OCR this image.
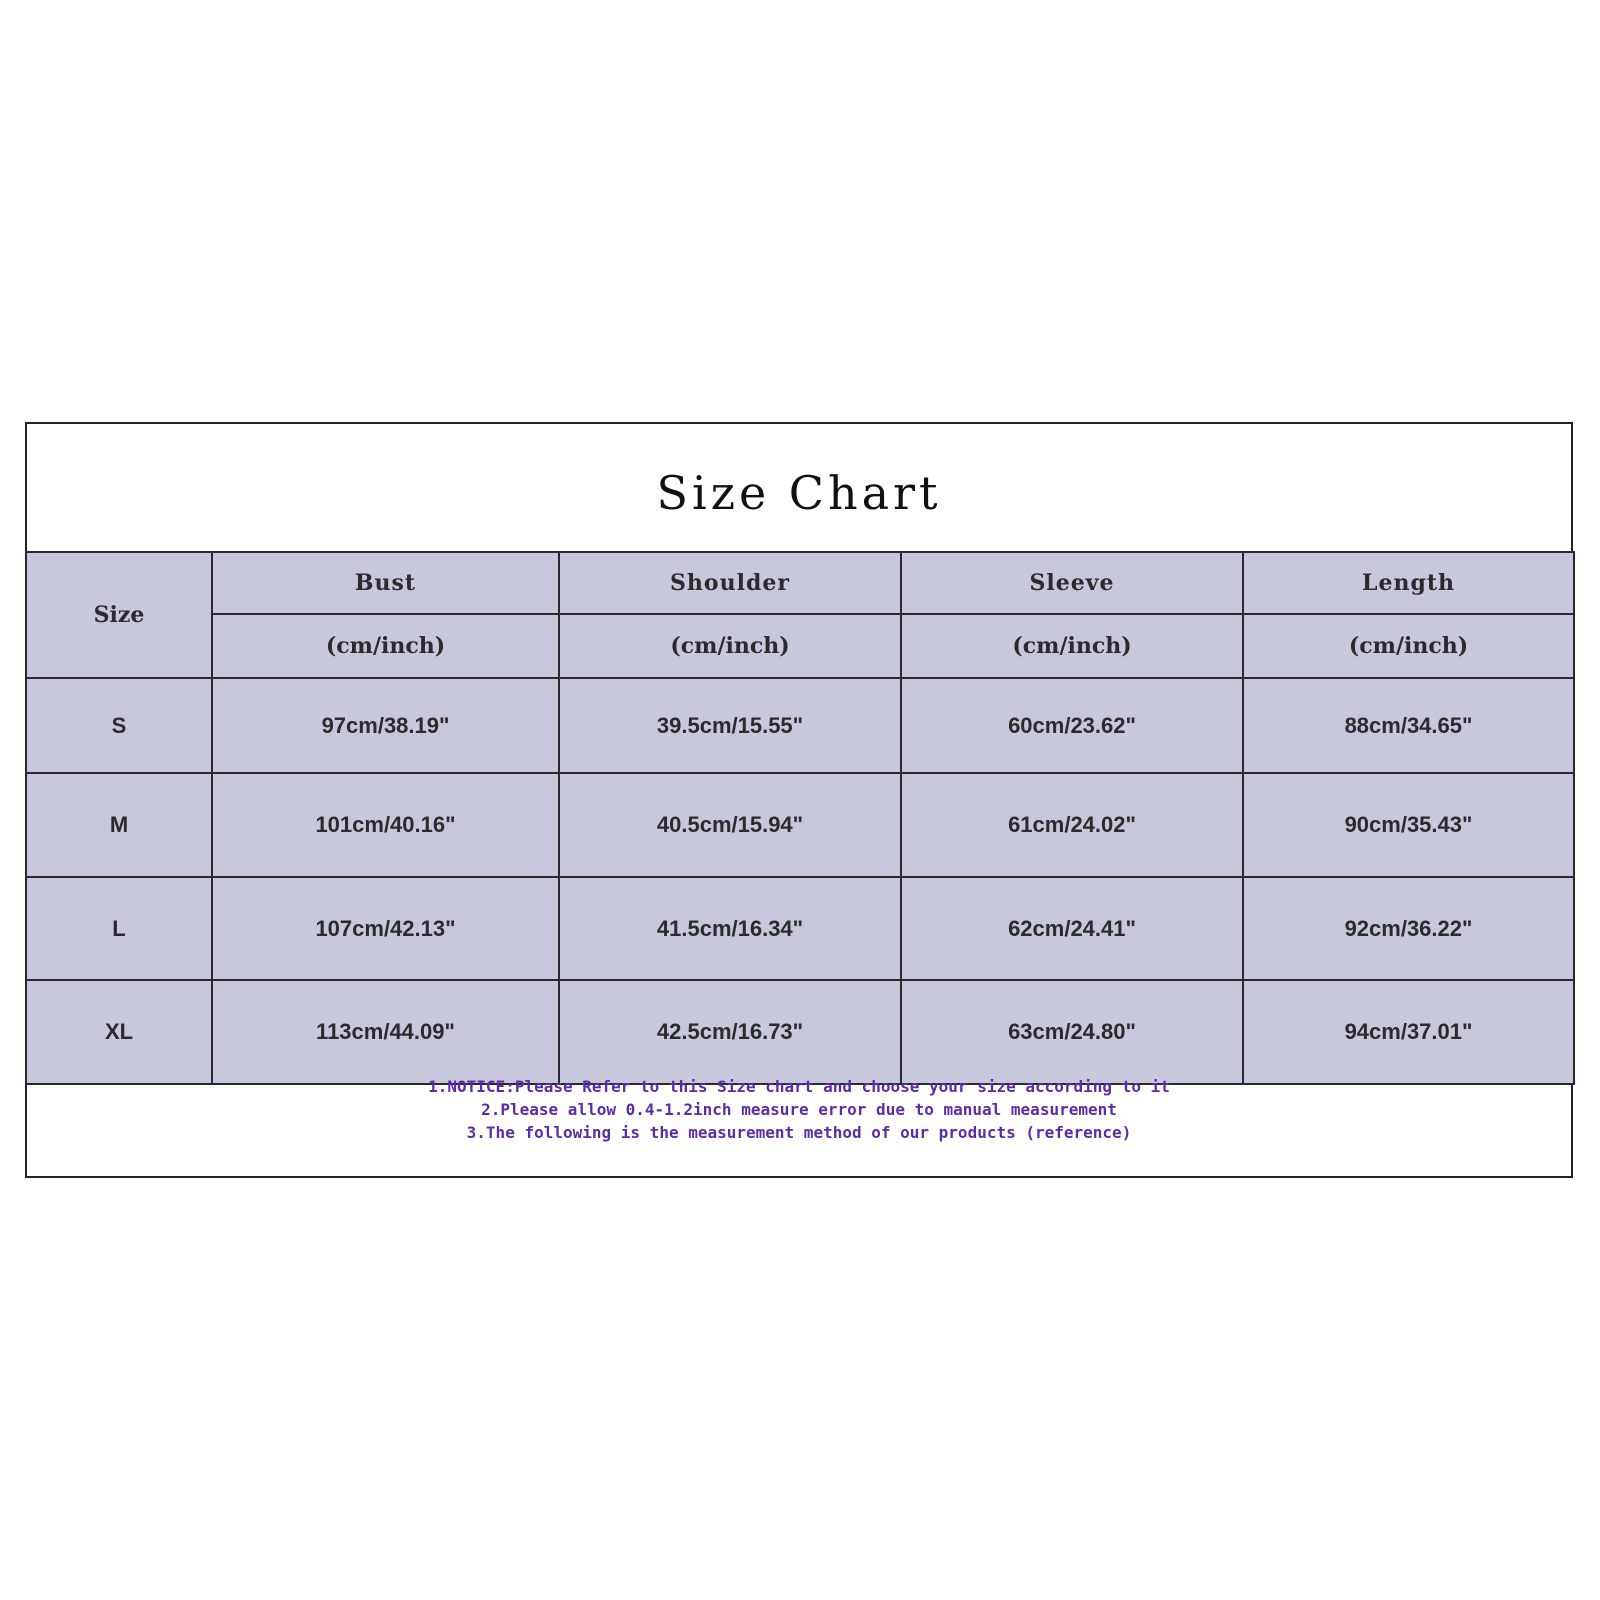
Size Chart
Size	Bust	Shoulder	Sleeve	Length
	(cm/inch)	(cm/inch)	(cm/inch)	(cm/inch)
S	97cm/38.19"	39.5cm/15.55"	60cm/23.62"	88cm/34.65"
M	101cm/40.16"	40.5cm/15.94"	61cm/24.02"	90cm/35.43"
L	107cm/42.13"	41.5cm/16.34"	62cm/24.41"	92cm/36.22"
XL	113cm/44.09"	42.5cm/16.73"	63cm/24.80"	94cm/37.01"
1.NOTICE:Please Refer to this Size chart and choose your size according to it
2.Please allow 0.4-1.2inch measure error due to manual measurement
3.The following is the measurement method of our products (reference)
